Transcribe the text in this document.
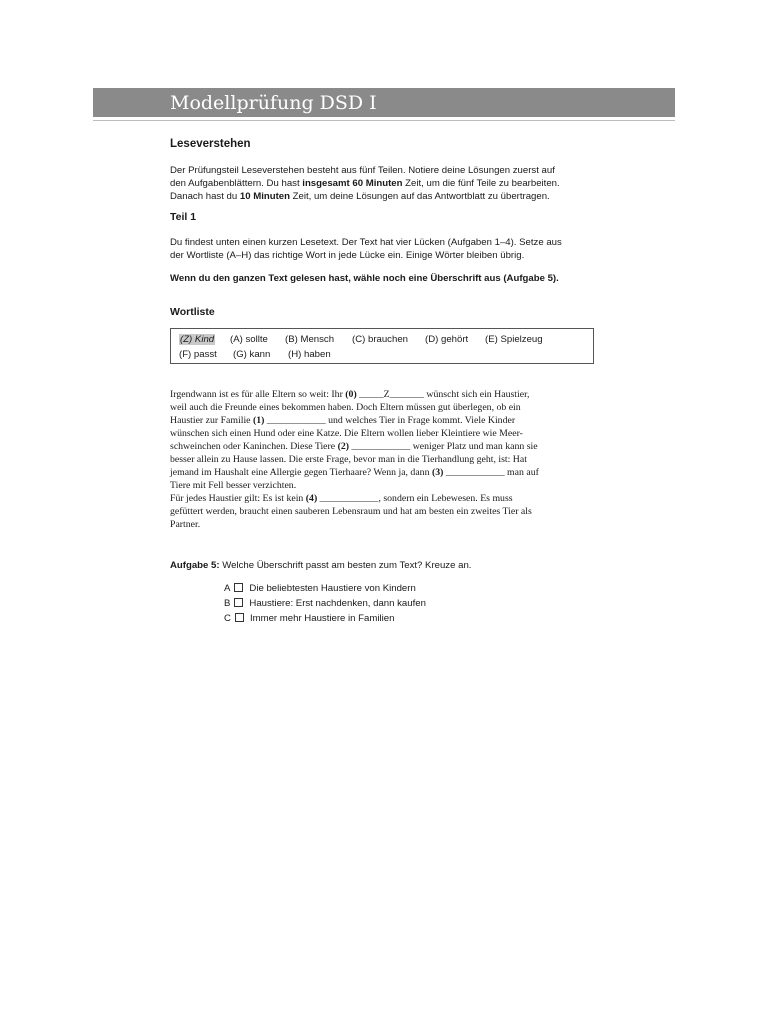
Modellprüfung DSD I
Leseverstehen
Der Prüfungsteil Leseverstehen besteht aus fünf Teilen. Notiere deine Lösungen zuerst auf
den Aufgabenblättern. Du hast insgesamt 60 Minuten Zeit, um die fünf Teile zu bearbeiten.
Danach hast du 10 Minuten Zeit, um deine Lösungen auf das Antwortblatt zu übertragen.
Teil 1
Du findest unten einen kurzen Lesetext. Der Text hat vier Lücken (Aufgaben 1–4). Setze aus
der Wortliste (A–H) das richtige Wort in jede Lücke ein. Einige Wörter bleiben übrig.
Wenn du den ganzen Text gelesen hast, wähle noch eine Überschrift aus (Aufgabe 5).
Wortliste
(Z) Kind (A) sollte (B) Mensch (C) brauchen (D) gehört (E) Spielzeug
(F) passt (G) kann (H) haben
Irgendwann ist es für alle Eltern so weit: Ihr (0) _____Z_______ wünscht sich ein Haustier,
weil auch die Freunde eines bekommen haben. Doch Eltern müssen gut überlegen, ob ein
Haustier zur Familie (1) ____________ und welches Tier in Frage kommt. Viele Kinder
wünschen sich einen Hund oder eine Katze. Die Eltern wollen lieber Kleintiere wie Meer-
schweinchen oder Kaninchen. Diese Tiere (2) ____________ weniger Platz und man kann sie
besser allein zu Hause lassen. Die erste Frage, bevor man in die Tierhandlung geht, ist: Hat
jemand im Haushalt eine Allergie gegen Tierhaare? Wenn ja, dann (3) ____________ man auf
Tiere mit Fell besser verzichten.
Für jedes Haustier gilt: Es ist kein (4) ____________, sondern ein Lebewesen. Es muss
gefüttert werden, braucht einen sauberen Lebensraum und hat am besten ein zweites Tier als
Partner.
Aufgabe 5: Welche Überschrift passt am besten zum Text? Kreuze an.
A Die beliebtesten Haustiere von Kindern
B Haustiere: Erst nachdenken, dann kaufen
C Immer mehr Haustiere in Familien
